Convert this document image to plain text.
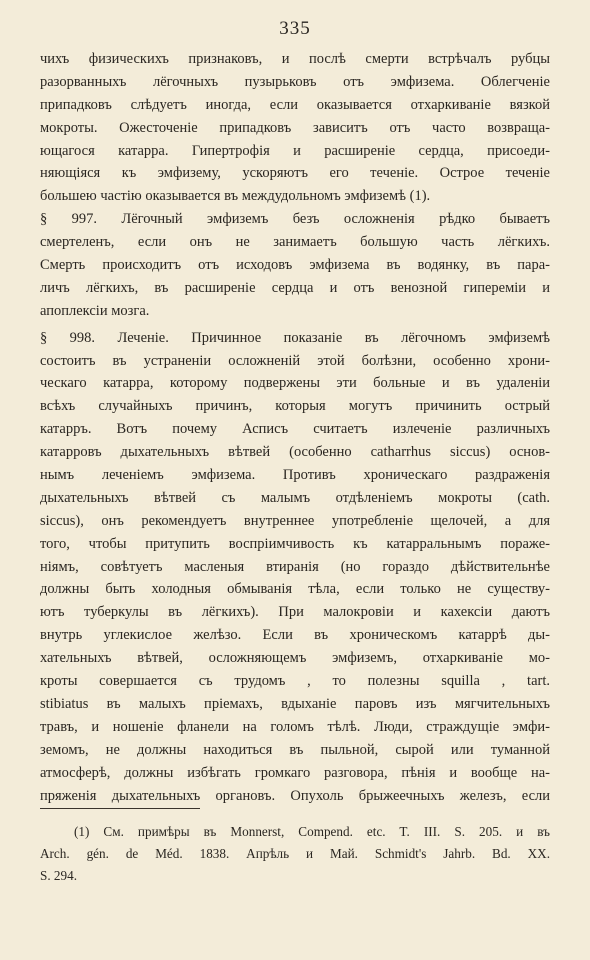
335
чихъ физическихъ признаковъ, и послѣ смерти встрѣчалъ рубцы
разорванныхъ лёгочныхъ пузырьковъ отъ эмфизема. Облегченіе
припадковъ слѣдуетъ иногда, если оказывается отхаркиваніе вязкой
мокроты. Ожесточеніе припадковъ зависитъ отъ часто возвраща-
ющагося катарра. Гипертрофія и расширеніе сердца, присоеди-
няющіяся къ эмфизему, ускоряютъ его теченіе. Острое теченіе
большею частію оказывается въ междудольномъ эмфиземѣ (1).
§ 997. Лёгочный эмфиземъ безъ осложненія рѣдко бываетъ
смертеленъ, если онъ не занимаетъ большую часть лёгкихъ.
Смерть происходитъ отъ исходовъ эмфизема въ водянку, въ пара-
личъ лёгкихъ, въ расширеніе сердца и отъ венозной гипереміи и
апоплексіи мозга.
§ 998. Леченіе. Причинное показаніе въ лёгочномъ эмфиземѣ
состоитъ въ устраненіи осложненій этой болѣзни, особенно хрони-
ческаго катарра, которому подвержены эти больные и въ удаленіи
всѣхъ случайныхъ причинъ, которыя могутъ причинить острый
катарръ. Вотъ почему Асписъ считаетъ излеченіе различныхъ
катарровъ дыхательныхъ вѣтвей (особенно catharrhus siccus) основ-
нымъ леченіемъ эмфизема. Противъ хроническаго раздраженія
дыхательныхъ вѣтвей съ малымъ отдѣленіемъ мокроты (cath.
siccus), онъ рекомендуетъ внутреннее употребленіе щелочей, а для
того, чтобы притупить воспріимчивость къ катарральнымъ пораже-
ніямъ, совѣтуетъ масленыя втиранія (но гораздо дѣйствительнѣе
должны быть холодныя обмыванія тѣла, если только не существу-
ютъ туберкулы въ лёгкихъ). При малокровіи и кахексіи даютъ
внутрь углекислое желѣзо. Если въ хроническомъ катаррѣ ды-
хательныхъ вѣтвей, осложняющемъ эмфиземъ, отхаркиваніе мо-
кроты совершается съ трудомъ , то полезны squilla , tart.
stibiatus въ малыхъ пріемахъ, вдыханіе паровъ изъ мягчительныхъ
травъ, и ношеніе фланели на голомъ тѣлѣ. Люди, страждущіе эмфи-
земомъ, не должны находиться въ пыльной, сырой или туманной
атмосферѣ, должны избѣгать громкаго разговора, пѣнія и вообще на-
пряженія дыхательныхъ органовъ. Опухоль брыжеечныхъ железъ, если
(1) См. примѣры въ Monnerst, Compend. etc. T. III. S. 205. и въ
Arch. gén. de Méd. 1838. Апрѣль и Май. Schmidt's Jahrb. Bd. XX.
S. 294.
